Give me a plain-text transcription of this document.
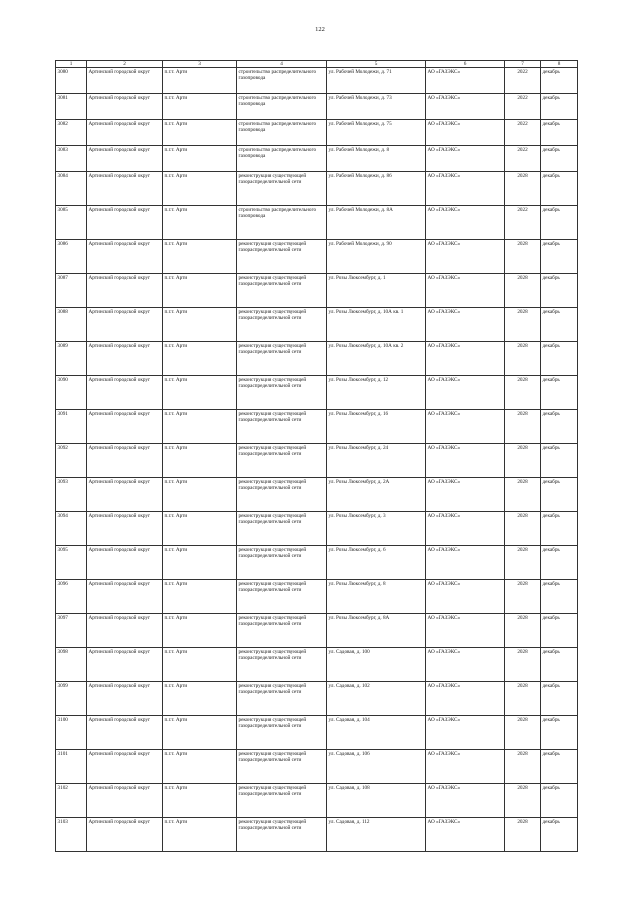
122
1	2	3	4	5	6	7	8
3080	Артинский городской округ	п.г.т. Арти	строительство распределительного газопровода	ул. Рабочей Молодежи, д. 71	АО «ГАЗЭКС»	2022	декабрь
3081	Артинский городской округ	п.г.т. Арти	строительство распределительного газопровода	ул. Рабочей Молодежи, д. 73	АО «ГАЗЭКС»	2022	декабрь
3082	Артинский городской округ	п.г.т. Арти	строительство распределительного газопровода	ул. Рабочей Молодежи, д. 75	АО «ГАЗЭКС»	2022	декабрь
3083	Артинский городской округ	п.г.т. Арти	строительство распределительного газопровода	ул. Рабочей Молодежи, д. 8	АО «ГАЗЭКС»	2022	декабрь
3084	Артинский городской округ	п.г.т. Арти	реконструкция существующей газораспределительной сети	ул. Рабочей Молодежи, д. 86	АО «ГАЗЭКС»	2028	декабрь
3085	Артинский городской округ	п.г.т. Арти	строительство распределительного газопровода	ул. Рабочей Молодежи, д. 8А	АО «ГАЗЭКС»	2022	декабрь
3086	Артинский городской округ	п.г.т. Арти	реконструкция существующей газораспределительной сети	ул. Рабочей Молодежи, д. 90	АО «ГАЗЭКС»	2028	декабрь
3087	Артинский городской округ	п.г.т. Арти	реконструкция существующей газораспределительной сети	ул. Розы Люксембург, д. 1	АО «ГАЗЭКС»	2028	декабрь
3088	Артинский городской округ	п.г.т. Арти	реконструкция существующей газораспределительной сети	ул. Розы Люксембург, д. 10А кв. 1	АО «ГАЗЭКС»	2028	декабрь
3089	Артинский городской округ	п.г.т. Арти	реконструкция существующей газораспределительной сети	ул. Розы Люксембург, д. 10А кв. 2	АО «ГАЗЭКС»	2028	декабрь
3090	Артинский городской округ	п.г.т. Арти	реконструкция существующей газораспределительной сети	ул. Розы Люксембург, д. 12	АО «ГАЗЭКС»	2028	декабрь
3091	Артинский городской округ	п.г.т. Арти	реконструкция существующей газораспределительной сети	ул. Розы Люксембург, д. 16	АО «ГАЗЭКС»	2028	декабрь
3092	Артинский городской округ	п.г.т. Арти	реконструкция существующей газораспределительной сети	ул. Розы Люксембург, д. 24	АО «ГАЗЭКС»	2028	декабрь
3093	Артинский городской округ	п.г.т. Арти	реконструкция существующей газораспределительной сети	ул. Розы Люксембург, д. 2А	АО «ГАЗЭКС»	2028	декабрь
3094	Артинский городской округ	п.г.т. Арти	реконструкция существующей газораспределительной сети	ул. Розы Люксембург, д. 3	АО «ГАЗЭКС»	2028	декабрь
3095	Артинский городской округ	п.г.т. Арти	реконструкция существующей газораспределительной сети	ул. Розы Люксембург, д. 6	АО «ГАЗЭКС»	2028	декабрь
3096	Артинский городской округ	п.г.т. Арти	реконструкция существующей газораспределительной сети	ул. Розы Люксембург, д. 8	АО «ГАЗЭКС»	2028	декабрь
3097	Артинский городской округ	п.г.т. Арти	реконструкция существующей газораспределительной сети	ул. Розы Люксембург, д. 8А	АО «ГАЗЭКС»	2028	декабрь
3098	Артинский городской округ	п.г.т. Арти	реконструкция существующей газораспределительной сети	ул. Садовая, д. 100	АО «ГАЗЭКС»	2028	декабрь
3099	Артинский городской округ	п.г.т. Арти	реконструкция существующей газораспределительной сети	ул. Садовая, д. 102	АО «ГАЗЭКС»	2028	декабрь
3100	Артинский городской округ	п.г.т. Арти	реконструкция существующей газораспределительной сети	ул. Садовая, д. 104	АО «ГАЗЭКС»	2028	декабрь
3101	Артинский городской округ	п.г.т. Арти	реконструкция существующей газораспределительной сети	ул. Садовая, д. 106	АО «ГАЗЭКС»	2028	декабрь
3102	Артинский городской округ	п.г.т. Арти	реконструкция существующей газораспределительной сети	ул. Садовая, д. 108	АО «ГАЗЭКС»	2028	декабрь
3103	Артинский городской округ	п.г.т. Арти	реконструкция существующей газораспределительной сети	ул. Садовая, д. 112	АО «ГАЗЭКС»	2028	декабрь
